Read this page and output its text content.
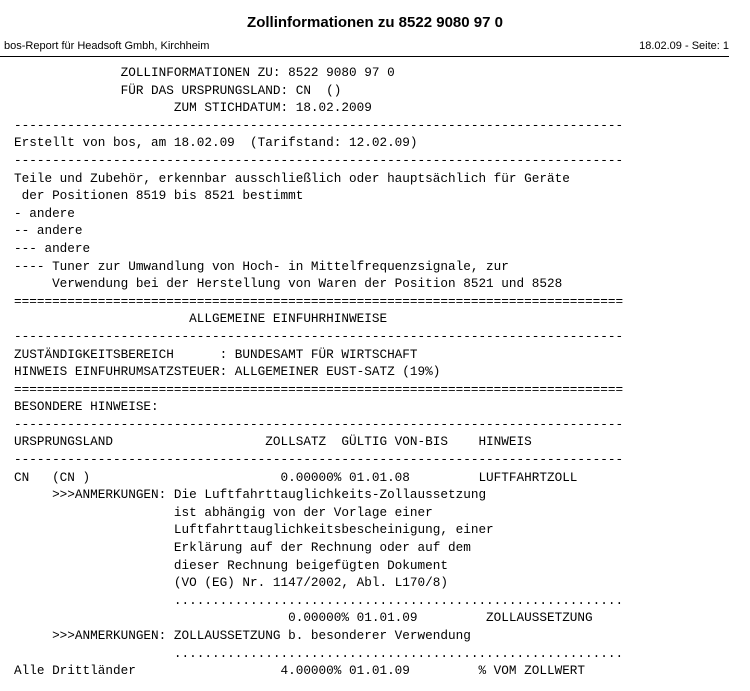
Zollinformationen zu 8522 9080 97 0
bos-Report für Headsoft Gmbh, Kirchheim	18.02.09 - Seite: 1
ZOLLINFORMATIONEN ZU: 8522 9080 97 0
FÜR DAS URSPRUNGSLAND: CN  ()
ZUM STICHDATUM: 18.02.2009
--------------------------------------------------------------------------------
Erstellt von bos, am 18.02.09  (Tarifstand: 12.02.09)
--------------------------------------------------------------------------------
Teile und Zubehör, erkennbar ausschließlich oder hauptsächlich für Geräte
der Positionen 8519 bis 8521 bestimmt
- andere
-- andere
--- andere
---- Tuner zur Umwandlung von Hoch- in Mittelfrequenzsignale, zur
Verwendung bei der Herstellung von Waren der Position 8521 und 8528
================================================================================
ALLGEMEINE EINFUHRHINWEISE
--------------------------------------------------------------------------------
ZUSTÄNDIGKEITSBEREICH      : BUNDESAMT FÜR WIRTSCHAFT
HINWEIS EINFUHRUMSATZSTEUER: ALLGEMEINER EUST-SATZ (19%)
================================================================================
BESONDERE HINWEISE:
--------------------------------------------------------------------------------
URSPRUNGSLAND                    ZOLLSATZ  GÜLTIG VON-BIS    HINWEIS
--------------------------------------------------------------------------------
CN   (CN )                         0.00000% 01.01.08         LUFTFAHRTZOLL
>>>ANMERKUNGEN: Die Luftfahrttauglichkeits-Zollaussetzung
ist abhängig von der Vorlage einer
Luftfahrttauglichkeitsbescheinigung, einer
Erklärung auf der Rechnung oder auf dem
dieser Rechnung beigefügten Dokument
(VO (EG) Nr. 1147/2002, Abl. L170/8)
...........................................................
0.00000% 01.01.09         ZOLLAUSSETZUNG
>>>ANMERKUNGEN: ZOLLAUSSETZUNG b. besonderer Verwendung
...........................................................
Alle Drittländer                   4.00000% 01.01.09         % VOM ZOLLWERT
